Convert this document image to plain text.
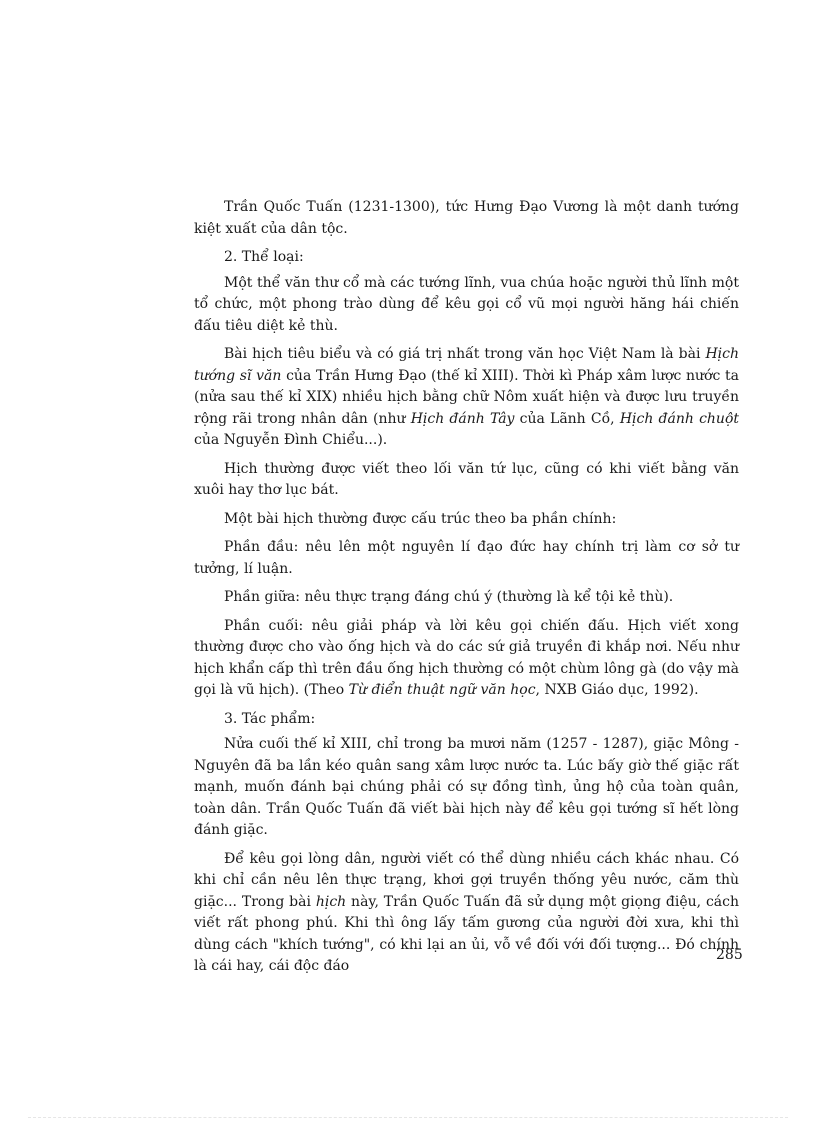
Trần Quốc Tuấn (1231-1300), tức Hưng Đạo Vương là một danh tướng kiệt xuất của dân tộc.

2. Thể loại:

Một thể văn thư cổ mà các tướng lĩnh, vua chúa hoặc người thủ lĩnh một tổ chức, một phong trào dùng để kêu gọi cổ vũ mọi người hăng hái chiến đấu tiêu diệt kẻ thù.

Bài hịch tiêu biểu và có giá trị nhất trong văn học Việt Nam là bài Hịch tướng sĩ văn của Trần Hưng Đạo (thế kỉ XIII). Thời kì Pháp xâm lược nước ta (nửa sau thế kỉ XIX) nhiều hịch bằng chữ Nôm xuất hiện và được lưu truyền rộng rãi trong nhân dân (như Hịch đánh Tây của Lãnh Cồ, Hịch đánh chuột của Nguyễn Đình Chiểu...).

Hịch thường được viết theo lối văn tứ lục, cũng có khi viết bằng văn xuôi hay thơ lục bát.

Một bài hịch thường được cấu trúc theo ba phần chính:

Phần đầu: nêu lên một nguyên lí đạo đức hay chính trị làm cơ sở tư tưởng, lí luận.

Phần giữa: nêu thực trạng đáng chú ý (thường là kể tội kẻ thù).

Phần cuối: nêu giải pháp và lời kêu gọi chiến đấu. Hịch viết xong thường được cho vào ống hịch và do các sứ giả truyền đi khắp nơi. Nếu như hịch khẩn cấp thì trên đầu ống hịch thường có một chùm lông gà (do vậy mà gọi là vũ hịch). (Theo Từ điển thuật ngữ văn học, NXB Giáo dục, 1992).

3. Tác phẩm:

Nửa cuối thế kỉ XIII, chỉ trong ba mươi năm (1257 - 1287), giặc Mông - Nguyên đã ba lần kéo quân sang xâm lược nước ta. Lúc bấy giờ thế giặc rất mạnh, muốn đánh bại chúng phải có sự đồng tình, ủng hộ của toàn quân, toàn dân. Trần Quốc Tuấn đã viết bài hịch này để kêu gọi tướng sĩ hết lòng đánh giặc.

Để kêu gọi lòng dân, người viết có thể dùng nhiều cách khác nhau. Có khi chỉ cần nêu lên thực trạng, khơi gợi truyền thống yêu nước, căm thù giặc... Trong bài hịch này, Trần Quốc Tuấn đã sử dụng một giọng điệu, cách viết rất phong phú. Khi thì ông lấy tấm gương của người đời xưa, khi thì dùng cách "khích tướng", có khi lại an ủi, vỗ về đối với đối tượng... Đó chính là cái hay, cái độc đáo

285
